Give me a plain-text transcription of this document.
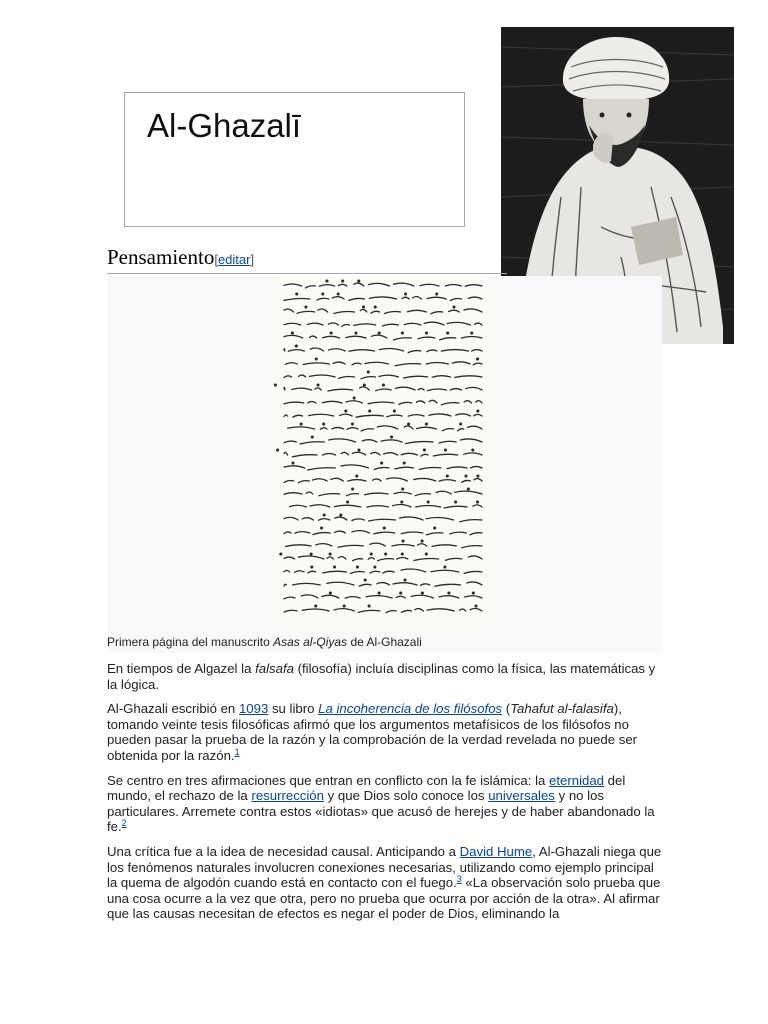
Al-Ghazalī
Pensamiento[editar]
Primera página del manuscrito Asas al-Qiyas de Al-Ghazali

En tiempos de Algazel la falsafa (filosofía) incluía disciplinas como la física, las matemáticas y la lógica.

Al-Ghazali escribió en 1093 su libro La incoherencia de los filósofos (Tahafut al-falasifa), tomando veinte tesis filosóficas afirmó que los argumentos metafísicos de los filósofos no pueden pasar la prueba de la razón y la comprobación de la verdad revelada no puede ser obtenida por la razón.$^1$

Se centro en tres afirmaciones que entran en conflicto con la fe islámica: la eternidad del mundo, el rechazo de la resurrección y que Dios solo conoce los universales y no los particulares. Arremete contra estos «idiotas» que acusó de herejes y de haber abandonado la fe.$^2$

Una crítica fue a la idea de necesidad causal. Anticipando a David Hume, Al-Ghazali niega que los fenómenos naturales involucren conexiones necesarias, utilizando como ejemplo principal la quema de algodón cuando está en contacto con el fuego.$^3$ «La observación solo prueba que una cosa ocurre a la vez que otra, pero no prueba que ocurra por acción de la otra». Al afirmar que las causas necesitan de efectos es negar el poder de Dios, eliminando la
